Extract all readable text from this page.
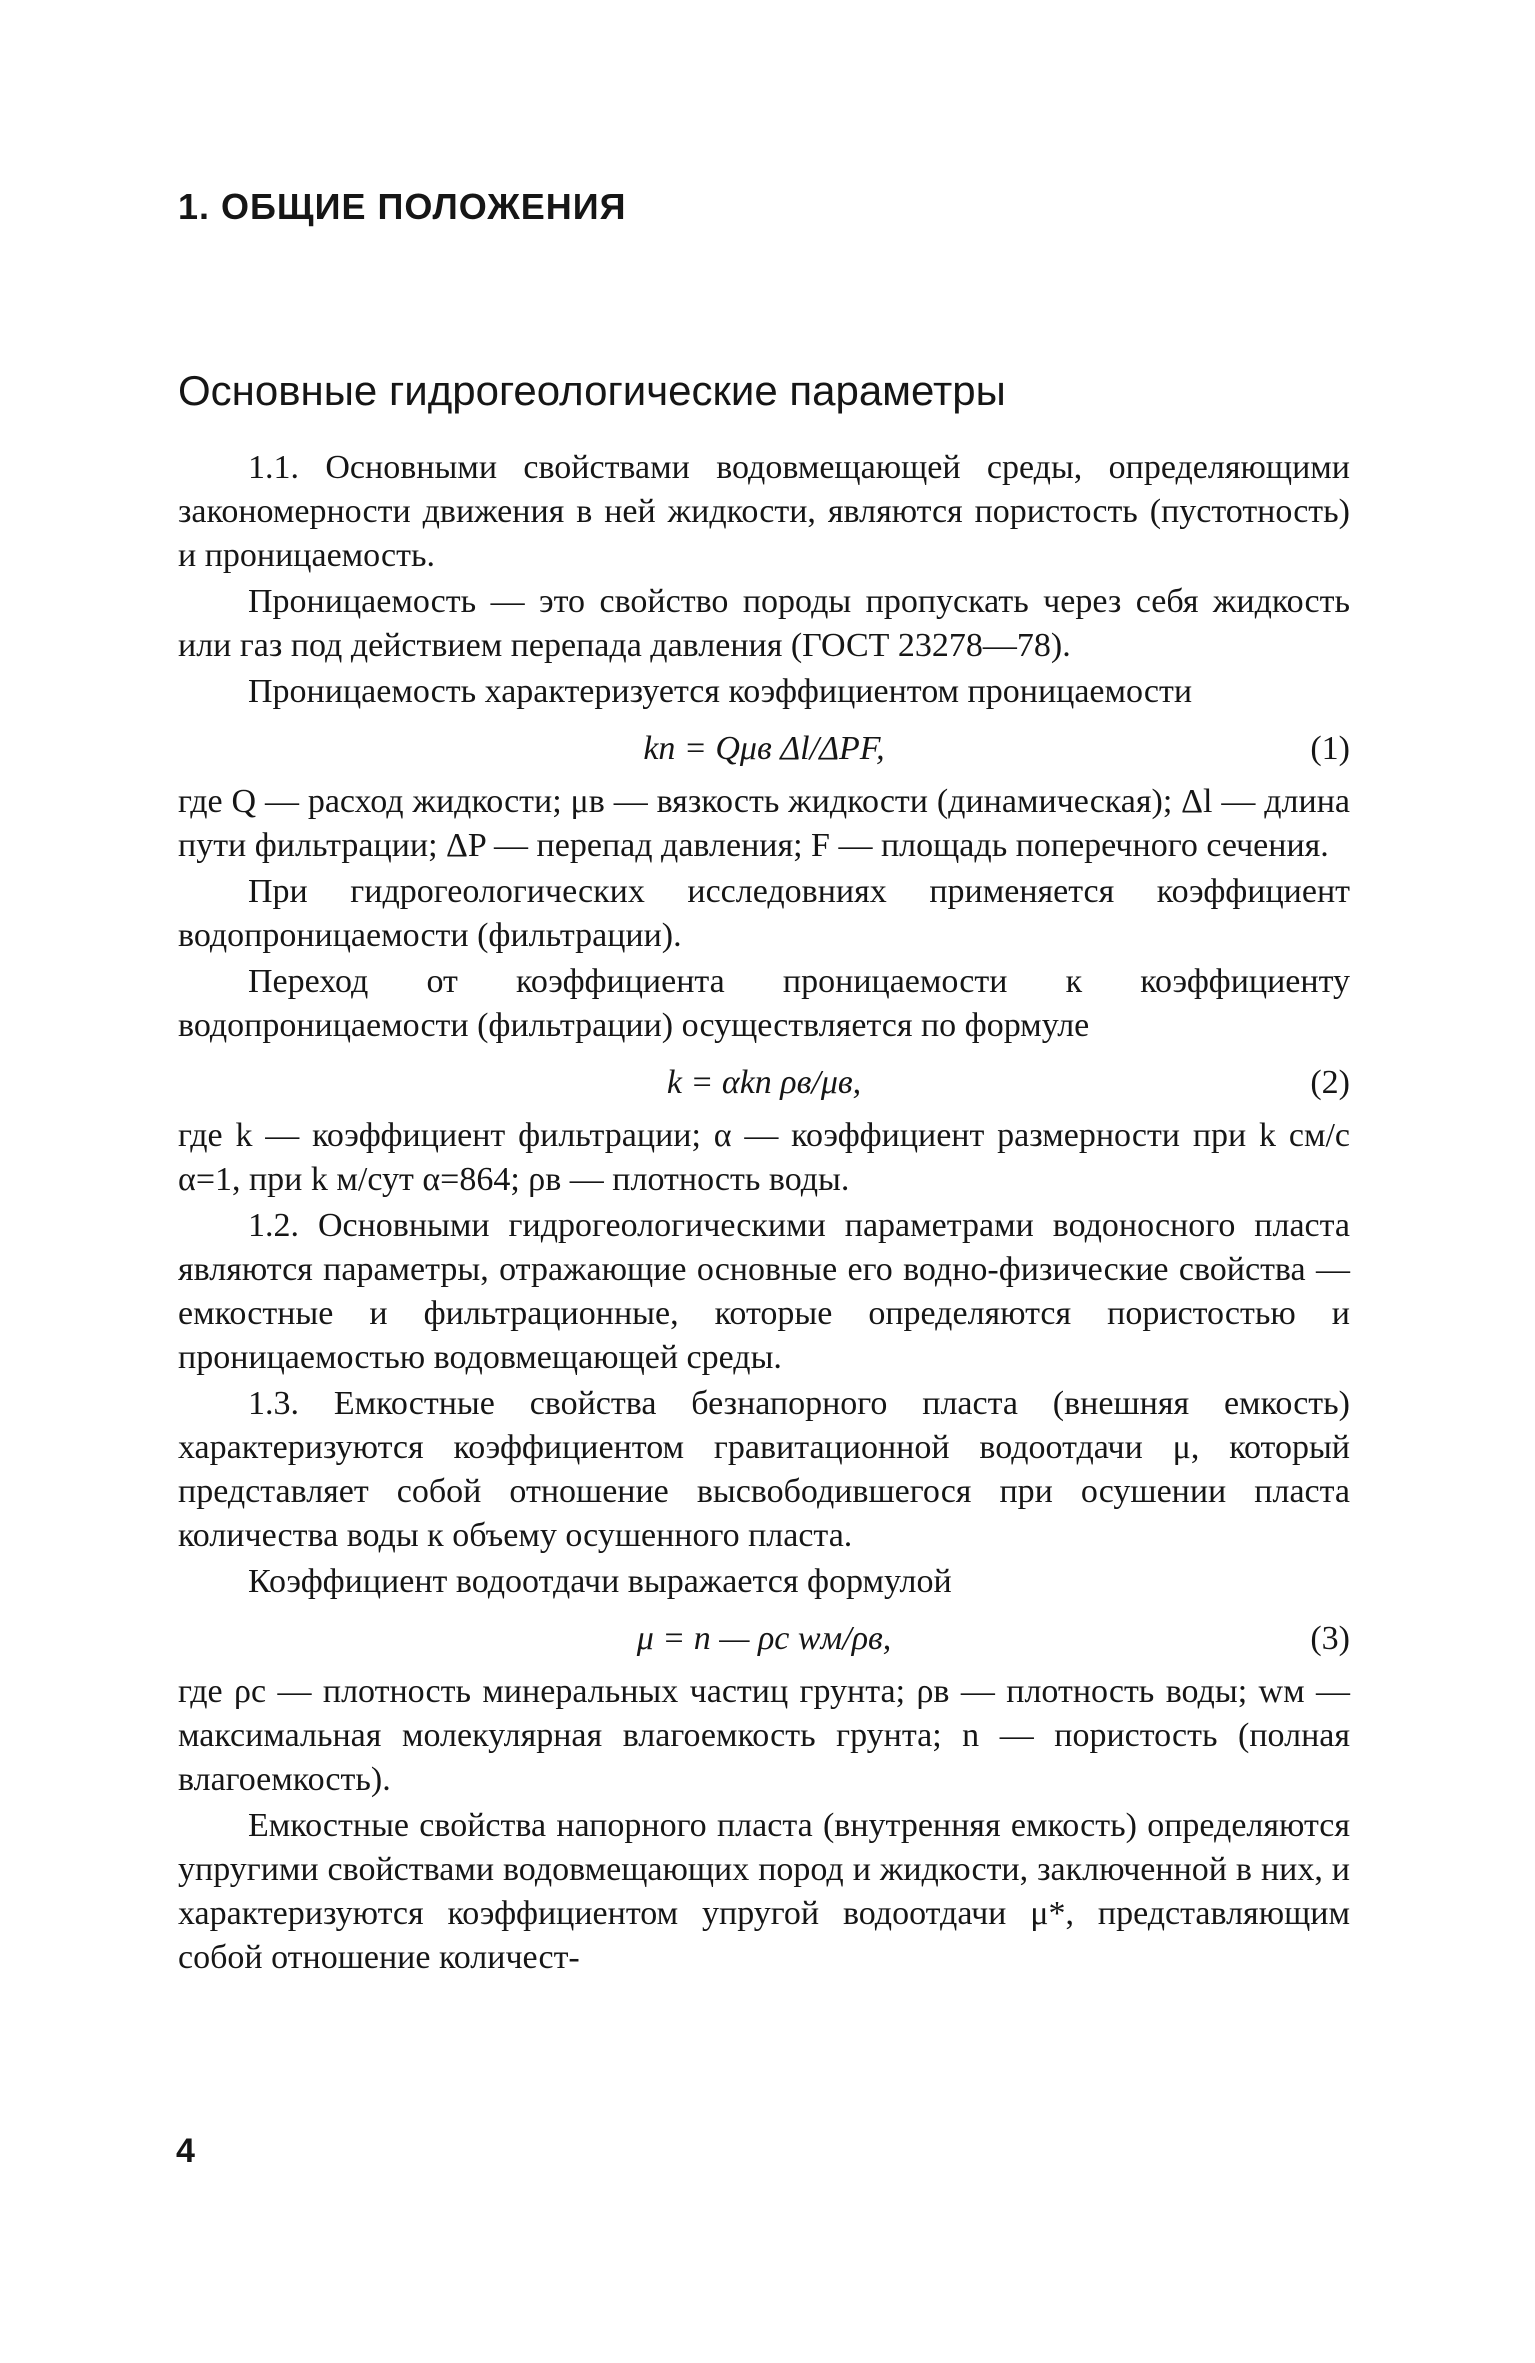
1. ОБЩИЕ ПОЛОЖЕНИЯ
Основные гидрогеологические параметры

1.1. Основными свойствами водовмещающей среды, определяющими закономерности движения в ней жидкости, являются пористость (пустотность) и проницаемость.

Проницаемость — это свойство породы пропускать через себя жидкость или газ под действием перепада давления (ГОСТ 23278—78).

Проницаемость характеризуется коэффициентом проницаемости

kп = Qμв Δl/ΔPF,	(1)

где Q — расход жидкости; μв — вязкость жидкости (динамическая); Δl — длина пути фильтрации; ΔP — перепад давления; F — площадь поперечного сечения.

При гидрогеологических исследовниях применяется коэффициент водопроницаемости (фильтрации).

Переход от коэффициента проницаемости к коэффициенту водопроницаемости (фильтрации) осуществляется по формуле

k = αkп ρв/μв,	(2)

где k — коэффициент фильтрации; α — коэффициент размерности при k см/с α=1, при k м/сут α=864; ρв — плотность воды.

1.2. Основными гидрогеологическими параметрами водоносного пласта являются параметры, отражающие основные его водно-физические свойства — емкостные и фильтрационные, которые определяются пористостью и проницаемостью водовмещающей среды.

1.3. Емкостные свойства безнапорного пласта (внешняя емкость) характеризуются коэффициентом гравитационной водоотдачи μ, который представляет собой отношение высвободившегося при осушении пласта количества воды к объему осушенного пласта.

Коэффициент водоотдачи выражается формулой

μ = n — ρс wм/ρв,	(3)

где ρс — плотность минеральных частиц грунта; ρв — плотность воды; wм — максимальная молекулярная влагоемкость грунта; n — пористость (полная влагоемкость).

Емкостные свойства напорного пласта (внутренняя емкость) определяются упругими свойствами водовмещающих пород и жидкости, заключенной в них, и характеризуются коэффициентом упругой водоотдачи μ*, представляющим собой отношение количест-

4
